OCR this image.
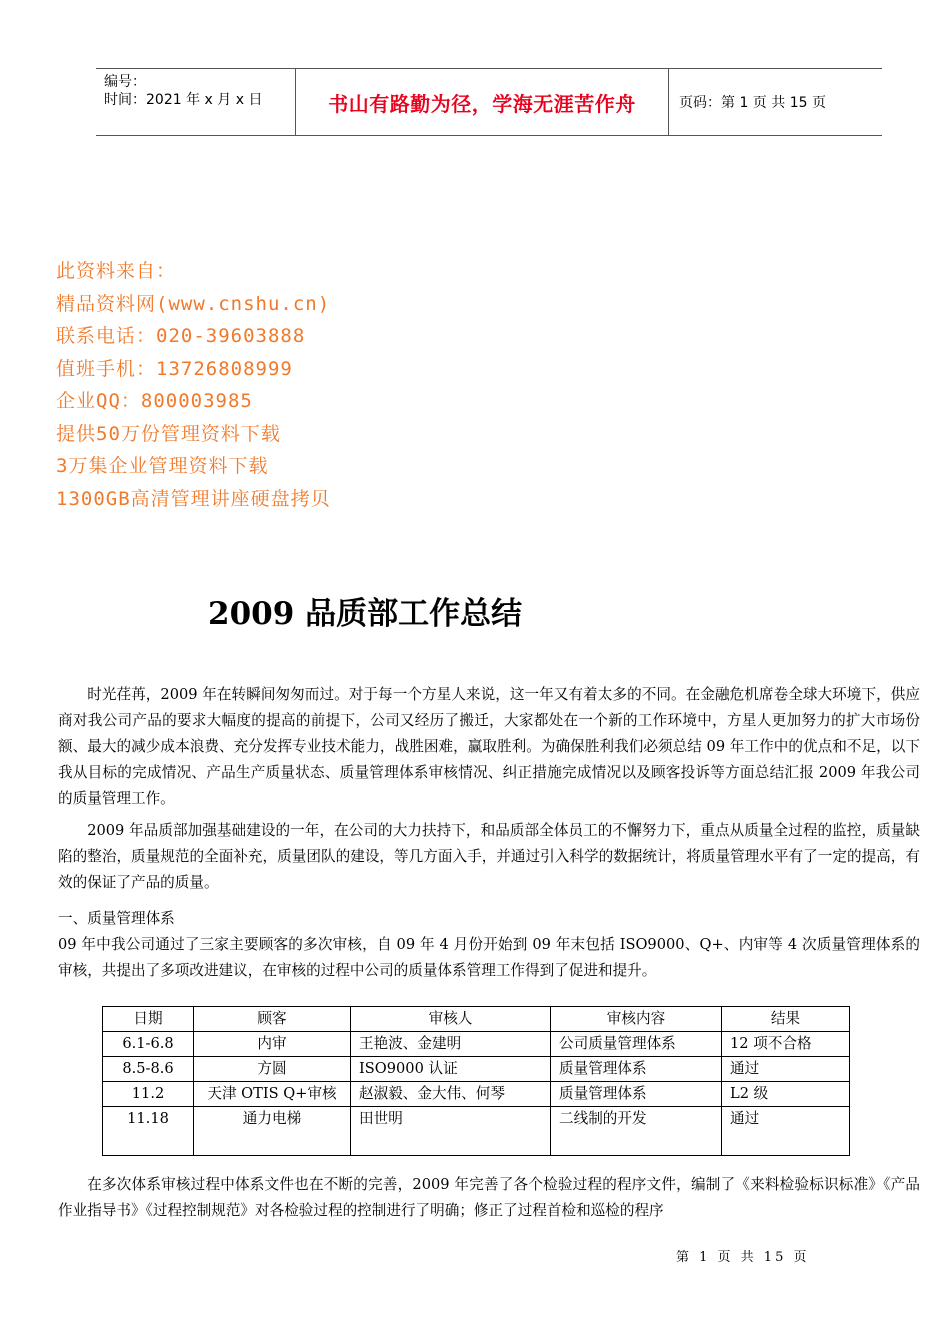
编号：
时间：2021 年 x 月 x 日	书山有路勤为径，学海无涯苦作舟	页码：第 1 页 共 15 页
此资料来自：
精品资料网(www.cnshu.cn)
联系电话：020-39603888
值班手机：13726808999
企业QQ：800003985
提供50万份管理资料下载
3万集企业管理资料下载
1300GB高清管理讲座硬盘拷贝
2009 品质部工作总结

时光荏苒，2009 年在转瞬间匆匆而过。对于每一个方星人来说，这一年又有着太多的不同。在金融危机席卷全球大环境下，供应商对我公司产品的要求大幅度的提高的前提下，公司又经历了搬迁，大家都处在一个新的工作环境中，方星人更加努力的扩大市场份额、最大的减少成本浪费、充分发挥专业技术能力，战胜困难，赢取胜利。为确保胜利我们必须总结 09 年工作中的优点和不足，以下我从目标的完成情况、产品生产质量状态、质量管理体系审核情况、纠正措施完成情况以及顾客投诉等方面总结汇报 2009 年我公司的质量管理工作。

2009 年品质部加强基础建设的一年，在公司的大力扶持下，和品质部全体员工的不懈努力下，重点从质量全过程的监控，质量缺陷的整治，质量规范的全面补充，质量团队的建设，等几方面入手，并通过引入科学的数据统计，将质量管理水平有了一定的提高，有效的保证了产品的质量。

一、质量管理体系

09 年中我公司通过了三家主要顾客的多次审核，自 09 年 4 月份开始到 09 年末包括 ISO9000、Q+、内审等 4 次质量管理体系的审核，共提出了多项改进建议，在审核的过程中公司的质量体系管理工作得到了促进和提升。

日期	顾客	审核人	审核内容	结果
6.1-6.8	内审	王艳波、金建明	公司质量管理体系	12 项不合格
8.5-8.6	方圆	ISO9000 认证	质量管理体系	通过
11.2	天津 OTIS Q+审核	赵淑毅、金大伟、何琴	质量管理体系	L2 级
11.18	通力电梯	田世明	二线制的开发	通过

在多次体系审核过程中体系文件也在不断的完善，2009 年完善了各个检验过程的程序文件，编制了《来料检验标识标准》《产品作业指导书》《过程控制规范》对各检验过程的控制进行了明确；修正了过程首检和巡检的程序

第 1 页 共 15 页
